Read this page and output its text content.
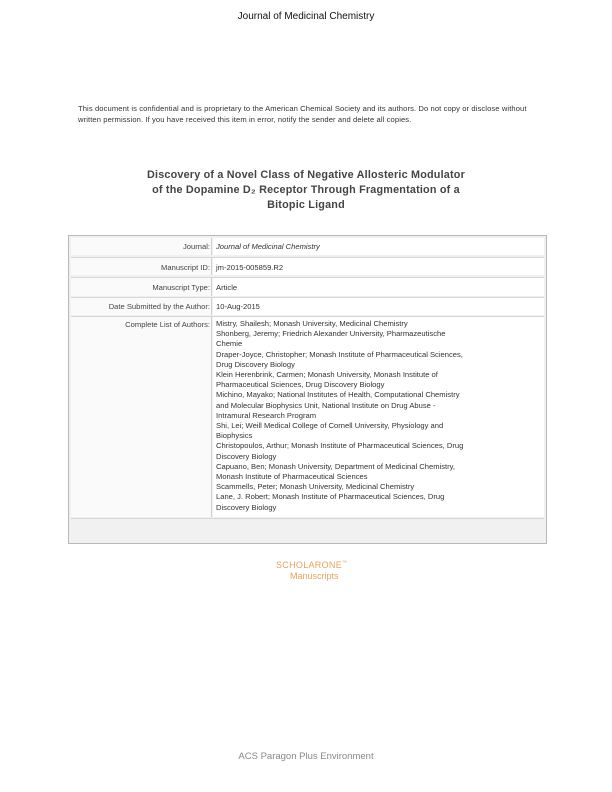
Journal of Medicinal Chemistry
This document is confidential and is proprietary to the American Chemical Society and its authors. Do not copy or disclose without written permission. If you have received this item in error, notify the sender and delete all copies.
Discovery of a Novel Class of Negative Allosteric Modulator
of the Dopamine D₂ Receptor Through Fragmentation of a
Bitopic Ligand
Journal: Journal of Medicinal Chemistry
Manuscript ID: jm-2015-005859.R2
Manuscript Type: Article
Date Submitted by the Author: 10-Aug-2015
Complete List of Authors: Mistry, Shailesh; Monash University, Medicinal Chemistry
Shonberg, Jeremy; Friedrich Alexander University, Pharmazeutische
Chemie
Draper-Joyce, Christopher; Monash Institute of Pharmaceutical Sciences,
Drug Discovery Biology
Klein Herenbrink, Carmen; Monash University, Monash Institute of
Pharmaceutical Sciences, Drug Discovery Biology
Michino, Mayako; National Institutes of Health, Computational Chemistry
and Molecular Biophysics Unit, National Institute on Drug Abuse -
Intramural Research Program
Shi, Lei; Weill Medical College of Cornell University, Physiology and
Biophysics
Christopoulos, Arthur; Monash Institute of Pharmaceutical Sciences, Drug
Discovery Biology
Capuano, Ben; Monash University, Department of Medicinal Chemistry,
Monash Institute of Pharmaceutical Sciences
Scammells, Peter; Monash University, Medicinal Chemistry
Lane, J. Robert; Monash Institute of Pharmaceutical Sciences, Drug
Discovery Biology
SCHOLARONE™
Manuscripts
ACS Paragon Plus Environment
